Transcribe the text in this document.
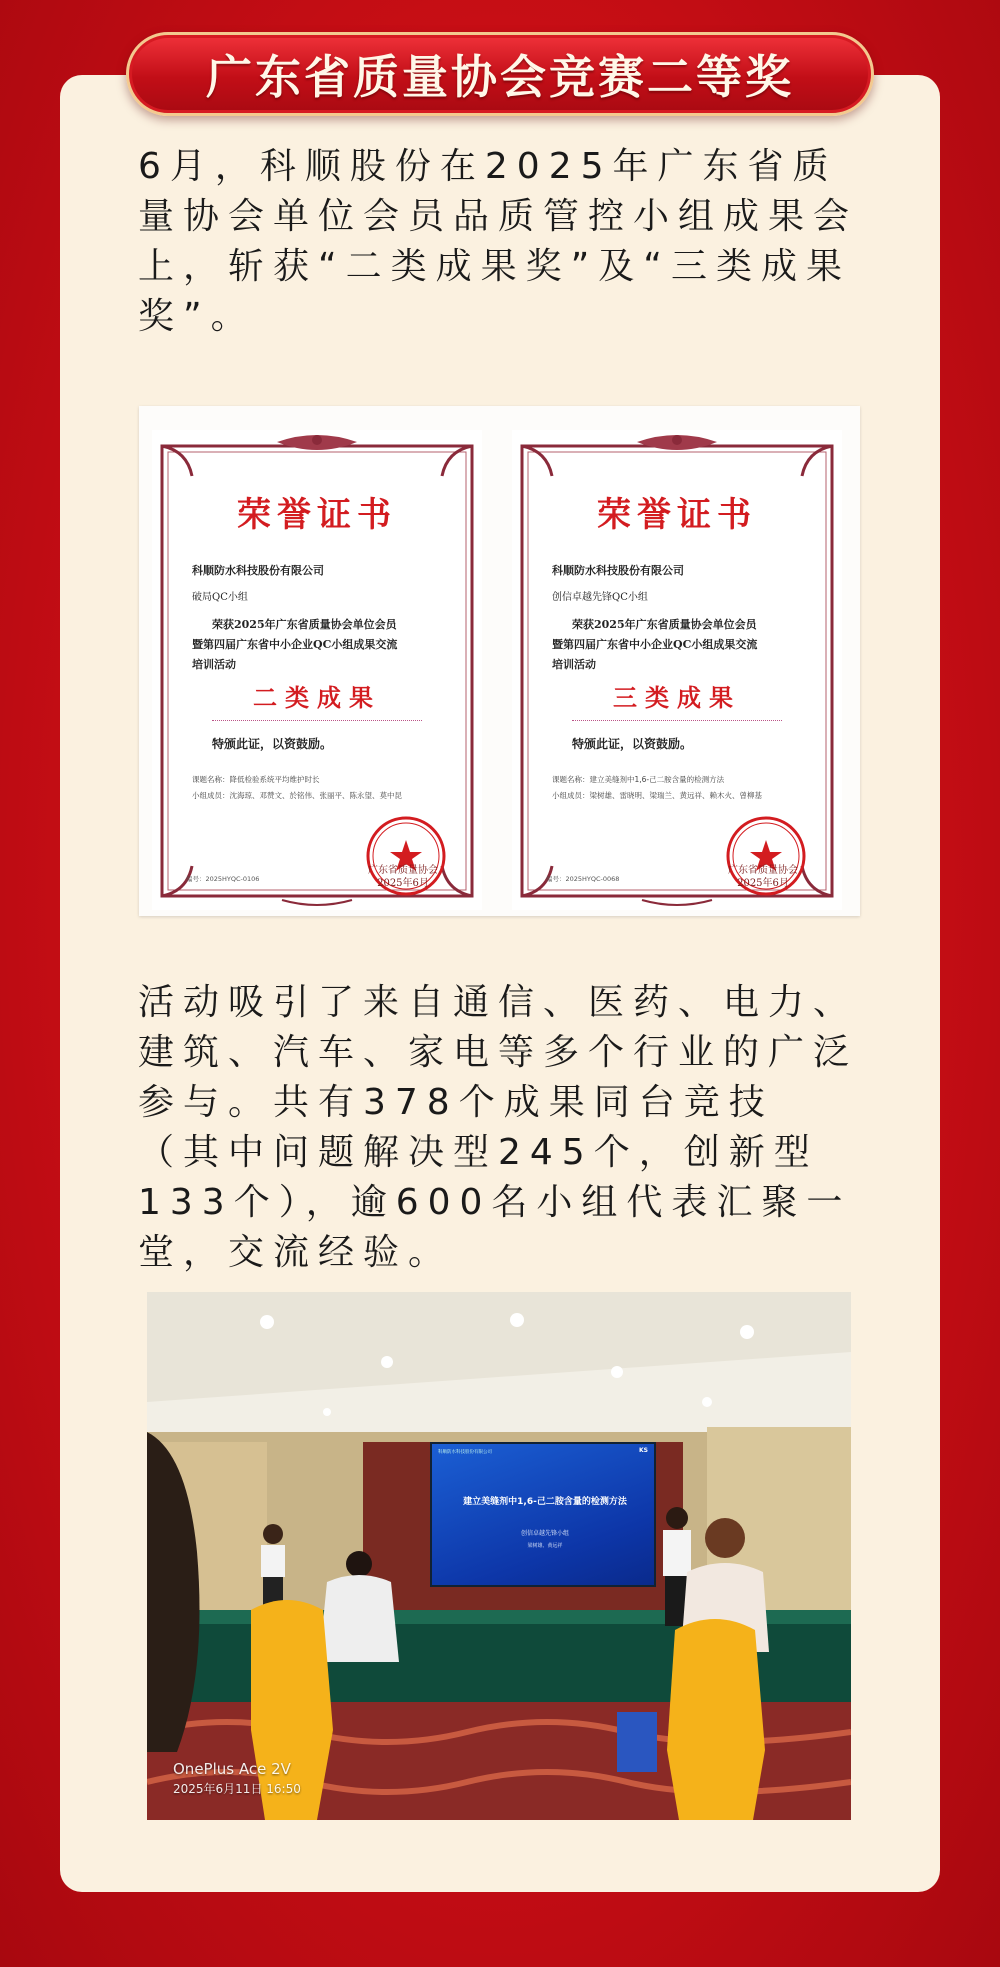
广东省质量协会竞赛二等奖

6月，科顺股份在2025年广东省质量协会单位会员品质管控小组成果会上，斩获“二类成果奖”及“三类成果奖”。

荣誉证书
科顺防水科技股份有限公司
破局QC小组
荣获2025年广东省质量协会单位会员
暨第四届广东省中小企业QC小组成果交流
培训活动
二类成果
特颁此证，以资鼓励。
课题名称：降低检验系统平均维护时长
小组成员：沈海琼、邓赞文、於铭伟、张丽平、陈永望、莫中昆
编号：2025HYQC-0106
广东省质量协会
2025年6月
荣誉证书
科顺防水科技股份有限公司
创信卓越先锋QC小组
荣获2025年广东省质量协会单位会员
暨第四届广东省中小企业QC小组成果交流
培训活动
三类成果
特颁此证，以资鼓励。
课题名称：建立美缝剂中1,6-己二胺含量的检测方法
小组成员：梁树雄、雷晓明、梁瑞兰、黄远祥、赖木火、曾柳基
编号：2025HYQC-0068
广东省质量协会
2025年6月

活动吸引了来自通信、医药、电力、建筑、汽车、家电等多个行业的广泛参与。共有378个成果同台竞技（其中问题解决型245个，创新型133个），逾600名小组代表汇聚一堂，交流经验。

科顺防水科技股份有限公司	KS
建立美缝剂中1,6-己二胺含量的检测方法
创信卓越先锋小组
梁树雄、黄远祥
OnePlus Ace 2V
2025年6月11日 16:50
